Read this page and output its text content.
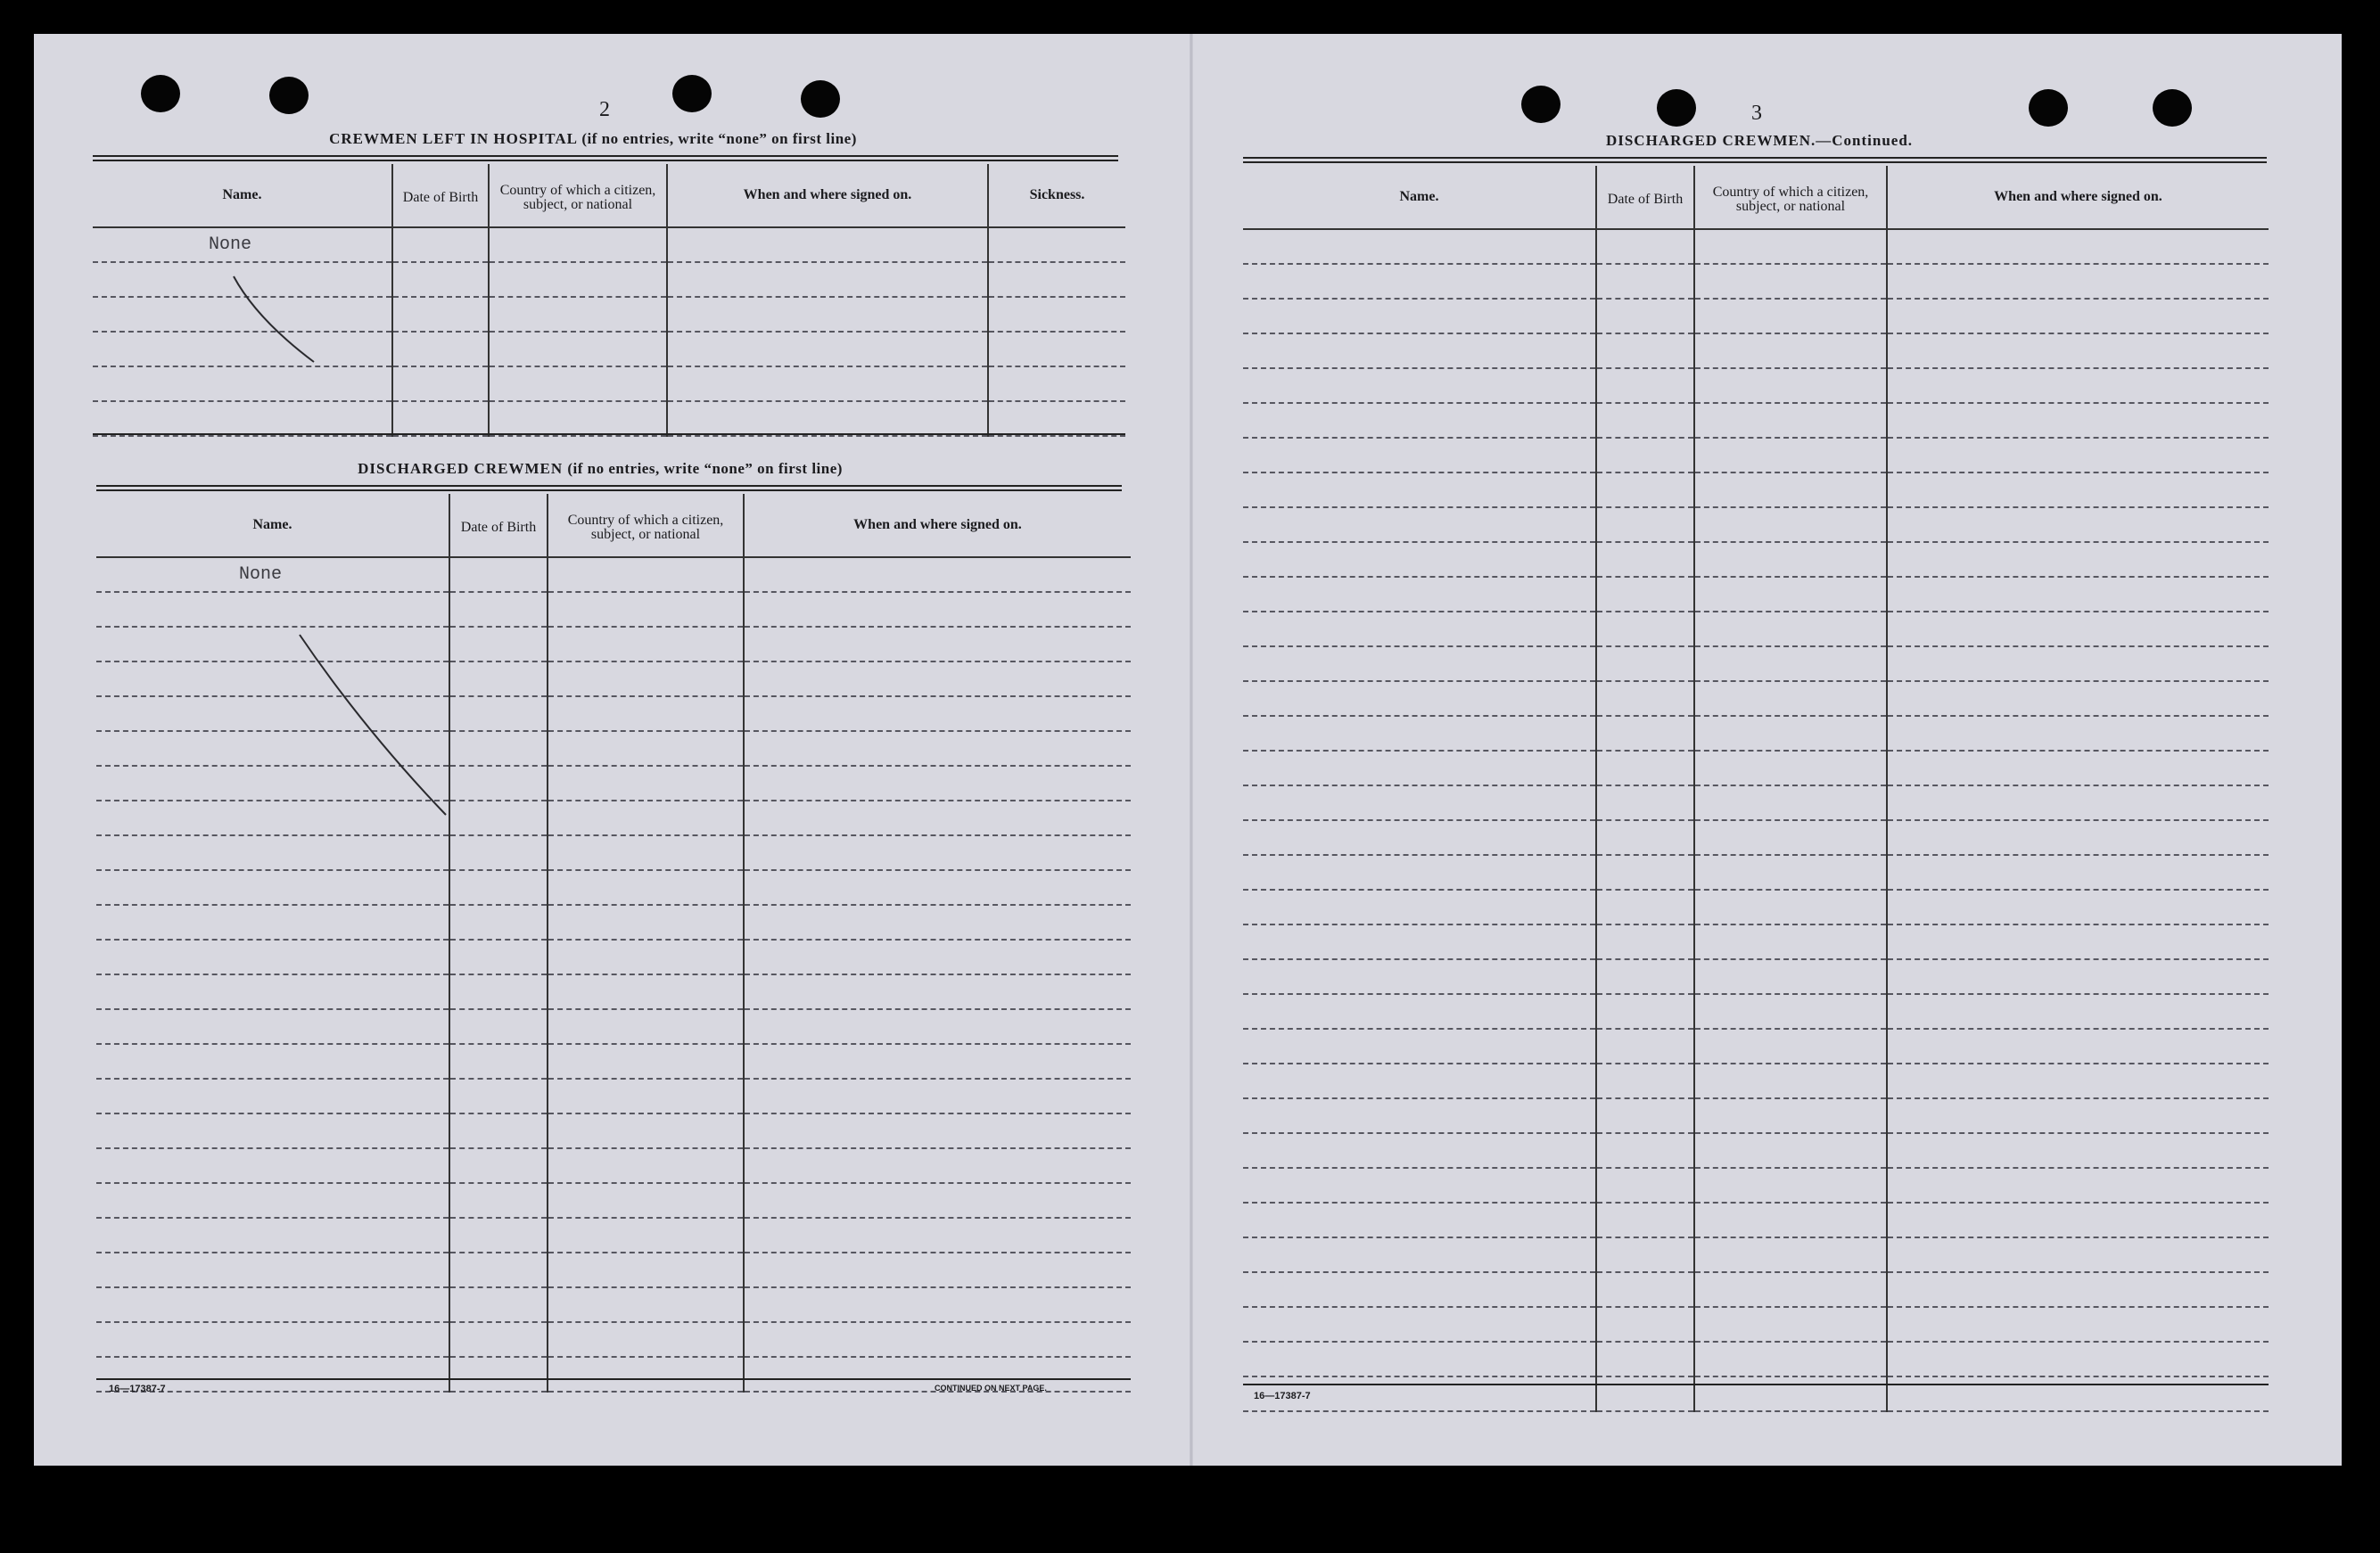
2
CREWMEN LEFT IN HOSPITAL (if no entries, write “none” on first line)
Name.	Date of Birth	Country of which a citizen, subject, or national	When and where signed on.	Sickness.

None				

DISCHARGED CREWMEN (if no entries, write “none” on first line)
Name.	Date of Birth	Country of which a citizen, subject, or national	When and where signed on.

None			

16—17387-7	CONTINUED ON NEXT PAGE.
3
DISCHARGED CREWMEN.—Continued.
Name.	Date of Birth	Country of which a citizen, subject, or national	When and where signed on.

16—17387-7
